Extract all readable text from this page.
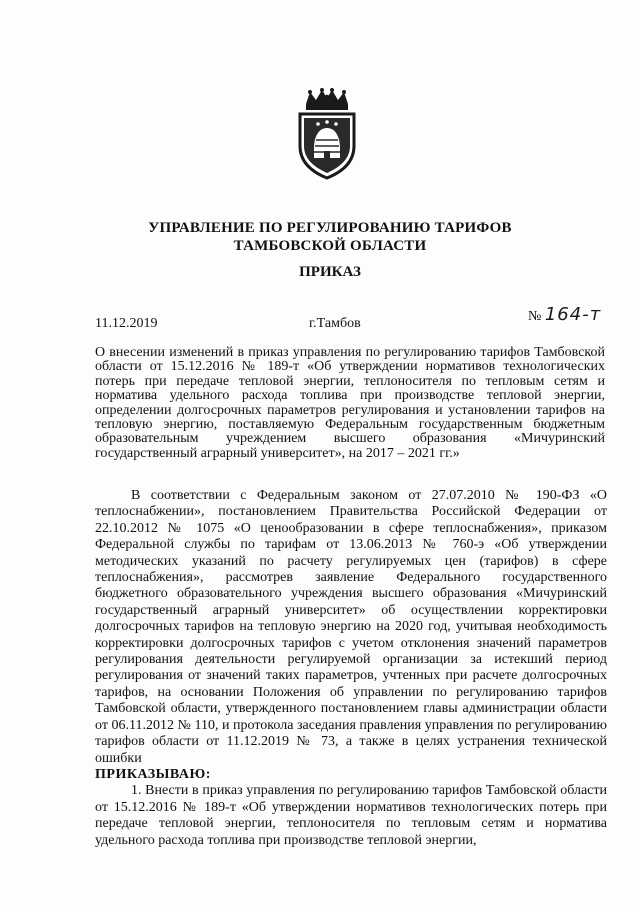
УПРАВЛЕНИЕ ПО РЕГУЛИРОВАНИЮ ТАРИФОВ
ТАМБОВСКОЙ ОБЛАСТИ
ПРИКАЗ
11.12.2019	г.Тамбов	№ 164-т
О внесении изменений в приказ управления по регулированию тарифов Тамбовской области от 15.12.2016 № 189-т «Об утверждении нормативов технологических потерь при передаче тепловой энергии, теплоносителя по тепловым сетям и норматива удельного расхода топлива при производстве тепловой энергии, определении долгосрочных параметров регулирования и установлении тарифов на тепловую энергию, поставляемую Федеральным государственным бюджетным образовательным учреждением высшего образования «Мичуринский государственный аграрный университет», на 2017 – 2021 гг.»

В соответствии с Федеральным законом от 27.07.2010 № 190-ФЗ «О теплоснабжении», постановлением Правительства Российской Федерации от 22.10.2012 № 1075 «О ценообразовании в сфере теплоснабжения», приказом Федеральной службы по тарифам от 13.06.2013 № 760-э «Об утверждении методических указаний по расчету регулируемых цен (тарифов) в сфере теплоснабжения», рассмотрев заявление Федерального государственного бюджетного образовательного учреждения высшего образования «Мичуринский государственный аграрный университет» об осуществлении корректировки долгосрочных тарифов на тепловую энергию на 2020 год, учитывая необходимость корректировки долгосрочных тарифов с учетом отклонения значений параметров регулирования деятельности регулируемой организации за истекший период регулирования от значений таких параметров, учтенных при расчете долгосрочных тарифов, на основании Положения об управлении по регулированию тарифов Тамбовской области, утвержденного постановлением главы администрации области от 06.11.2012 № 110, и протокола заседания правления управления по регулированию тарифов области от 11.12.2019 № 73, а также в целях устранения технической ошибки

ПРИКАЗЫВАЮ:

1. Внести в приказ управления по регулированию тарифов Тамбовской области от 15.12.2016 № 189-т «Об утверждении нормативов технологических потерь при передаче тепловой энергии, теплоносителя по тепловым сетям и норматива удельного расхода топлива при производстве тепловой энергии,
